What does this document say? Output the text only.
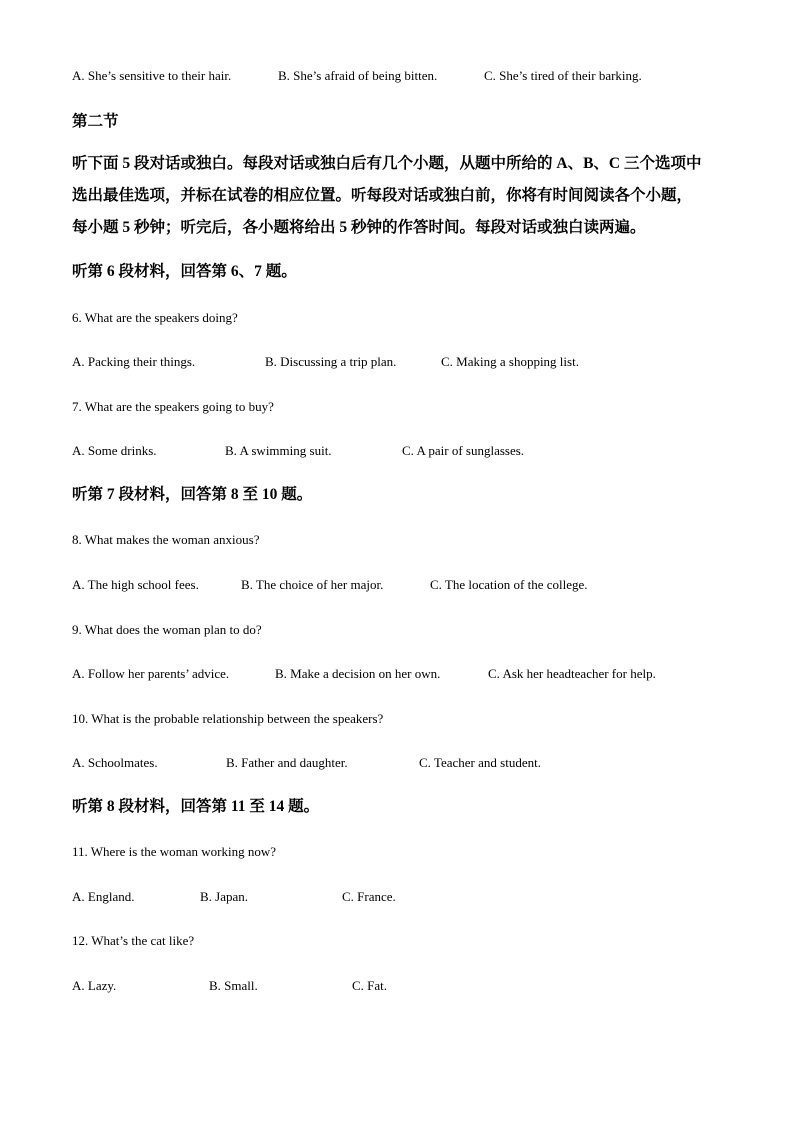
A. She’s sensitive to their hair.	B. She’s afraid of being bitten.	C. She’s tired of their barking.
第二节
听下面 5 段对话或独白。每段对话或独白后有几个小题，从题中所给的 A、B、C 三个选项中
选出最佳选项，并标在试卷的相应位置。听每段对话或独白前，你将有时间阅读各个小题，
每小题 5 秒钟；听完后，各小题将给出 5 秒钟的作答时间。每段对话或独白读两遍。
听第 6 段材料，回答第 6、7 题。
6. What are the speakers doing?
A. Packing their things.	B. Discussing a trip plan.	C. Making a shopping list.
7. What are the speakers going to buy?
A. Some drinks.	B. A swimming suit.	C. A pair of sunglasses.
听第 7 段材料，回答第 8 至 10 题。
8. What makes the woman anxious?
A. The high school fees.	B. The choice of her major.	C. The location of the college.
9. What does the woman plan to do?
A. Follow her parents’ advice.	B. Make a decision on her own.	C. Ask her headteacher for help.
10. What is the probable relationship between the speakers?
A. Schoolmates.	B. Father and daughter.	C. Teacher and student.
听第 8 段材料，回答第 11 至 14 题。
11. Where is the woman working now?
A. England.	B. Japan.	C. France.
12. What’s the cat like?
A. Lazy.	B. Small.	C. Fat.
